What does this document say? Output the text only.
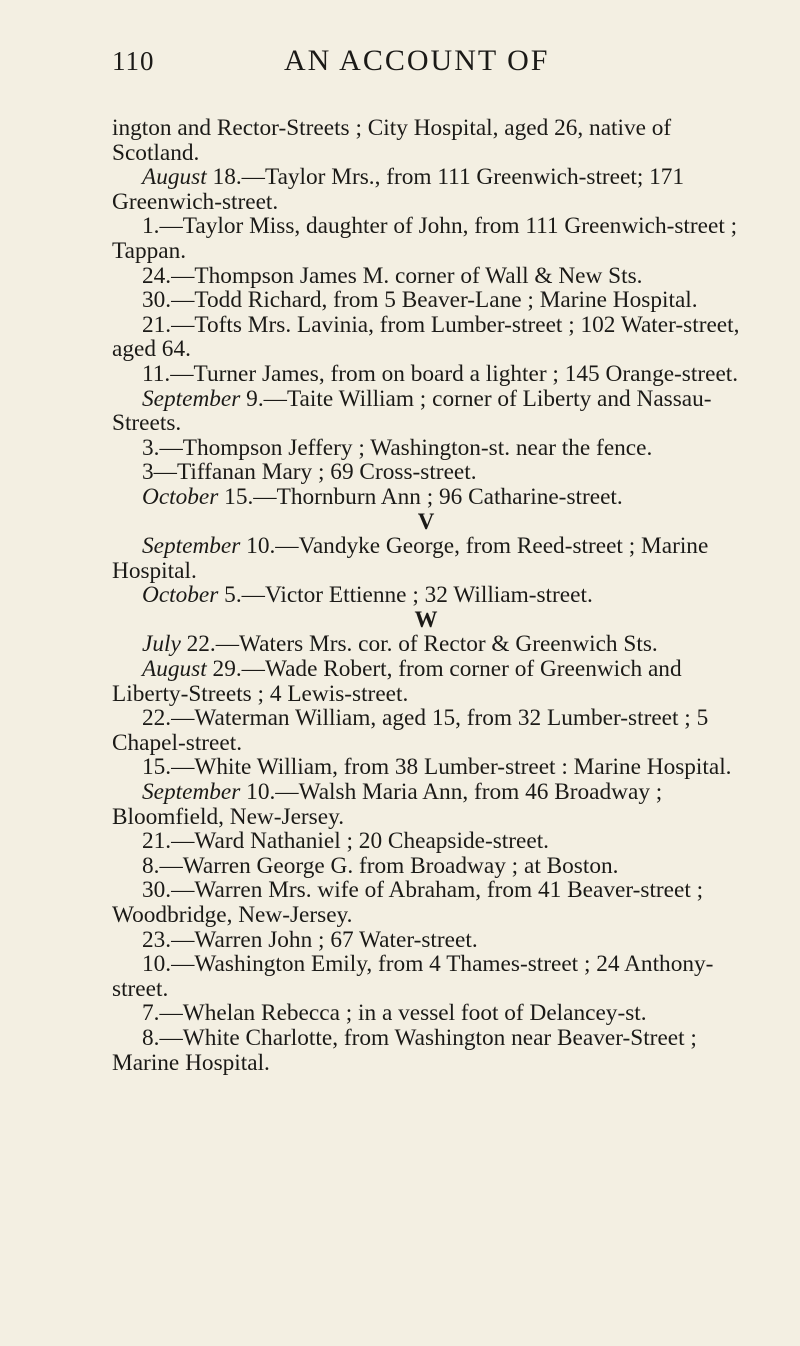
110	AN ACCOUNT OF

ington and Rector-Streets ; City Hospital, aged 26, native of Scotland.

August 18.—Taylor Mrs., from 111 Greenwich-street; 171 Greenwich-street.

1.—Taylor Miss, daughter of John, from 111 Greenwich-street ; Tappan.

24.—Thompson James M. corner of Wall & New Sts.

30.—Todd Richard, from 5 Beaver-Lane ; Marine Hospital.

21.—Tofts Mrs. Lavinia, from Lumber-street ; 102 Water-street, aged 64.

11.—Turner James, from on board a lighter ; 145 Orange-street.

September 9.—Taite William ; corner of Liberty and Nassau-Streets.

3.—Thompson Jeffery ; Washington-st. near the fence.

3—Tiffanan Mary ; 69 Cross-street.

October 15.—Thornburn Ann ; 96 Catharine-street.

V

September 10.—Vandyke George, from Reed-street ; Marine Hospital.

October 5.—Victor Ettienne ; 32 William-street.

W

July 22.—Waters Mrs. cor. of Rector & Greenwich Sts.

August 29.—Wade Robert, from corner of Greenwich and Liberty-Streets ; 4 Lewis-street.

22.—Waterman William, aged 15, from 32 Lumber-street ; 5 Chapel-street.

15.—White William, from 38 Lumber-street : Marine Hospital.

September 10.—Walsh Maria Ann, from 46 Broadway ; Bloomfield, New-Jersey.

21.—Ward Nathaniel ; 20 Cheapside-street.

8.—Warren George G. from Broadway ; at Boston.

30.—Warren Mrs. wife of Abraham, from 41 Beaver-street ; Woodbridge, New-Jersey.

23.—Warren John ; 67 Water-street.

10.—Washington Emily, from 4 Thames-street ; 24 Anthony-street.

7.—Whelan Rebecca ; in a vessel foot of Delancey-st.

8.—White Charlotte, from Washington near Beaver-Street ; Marine Hospital.
